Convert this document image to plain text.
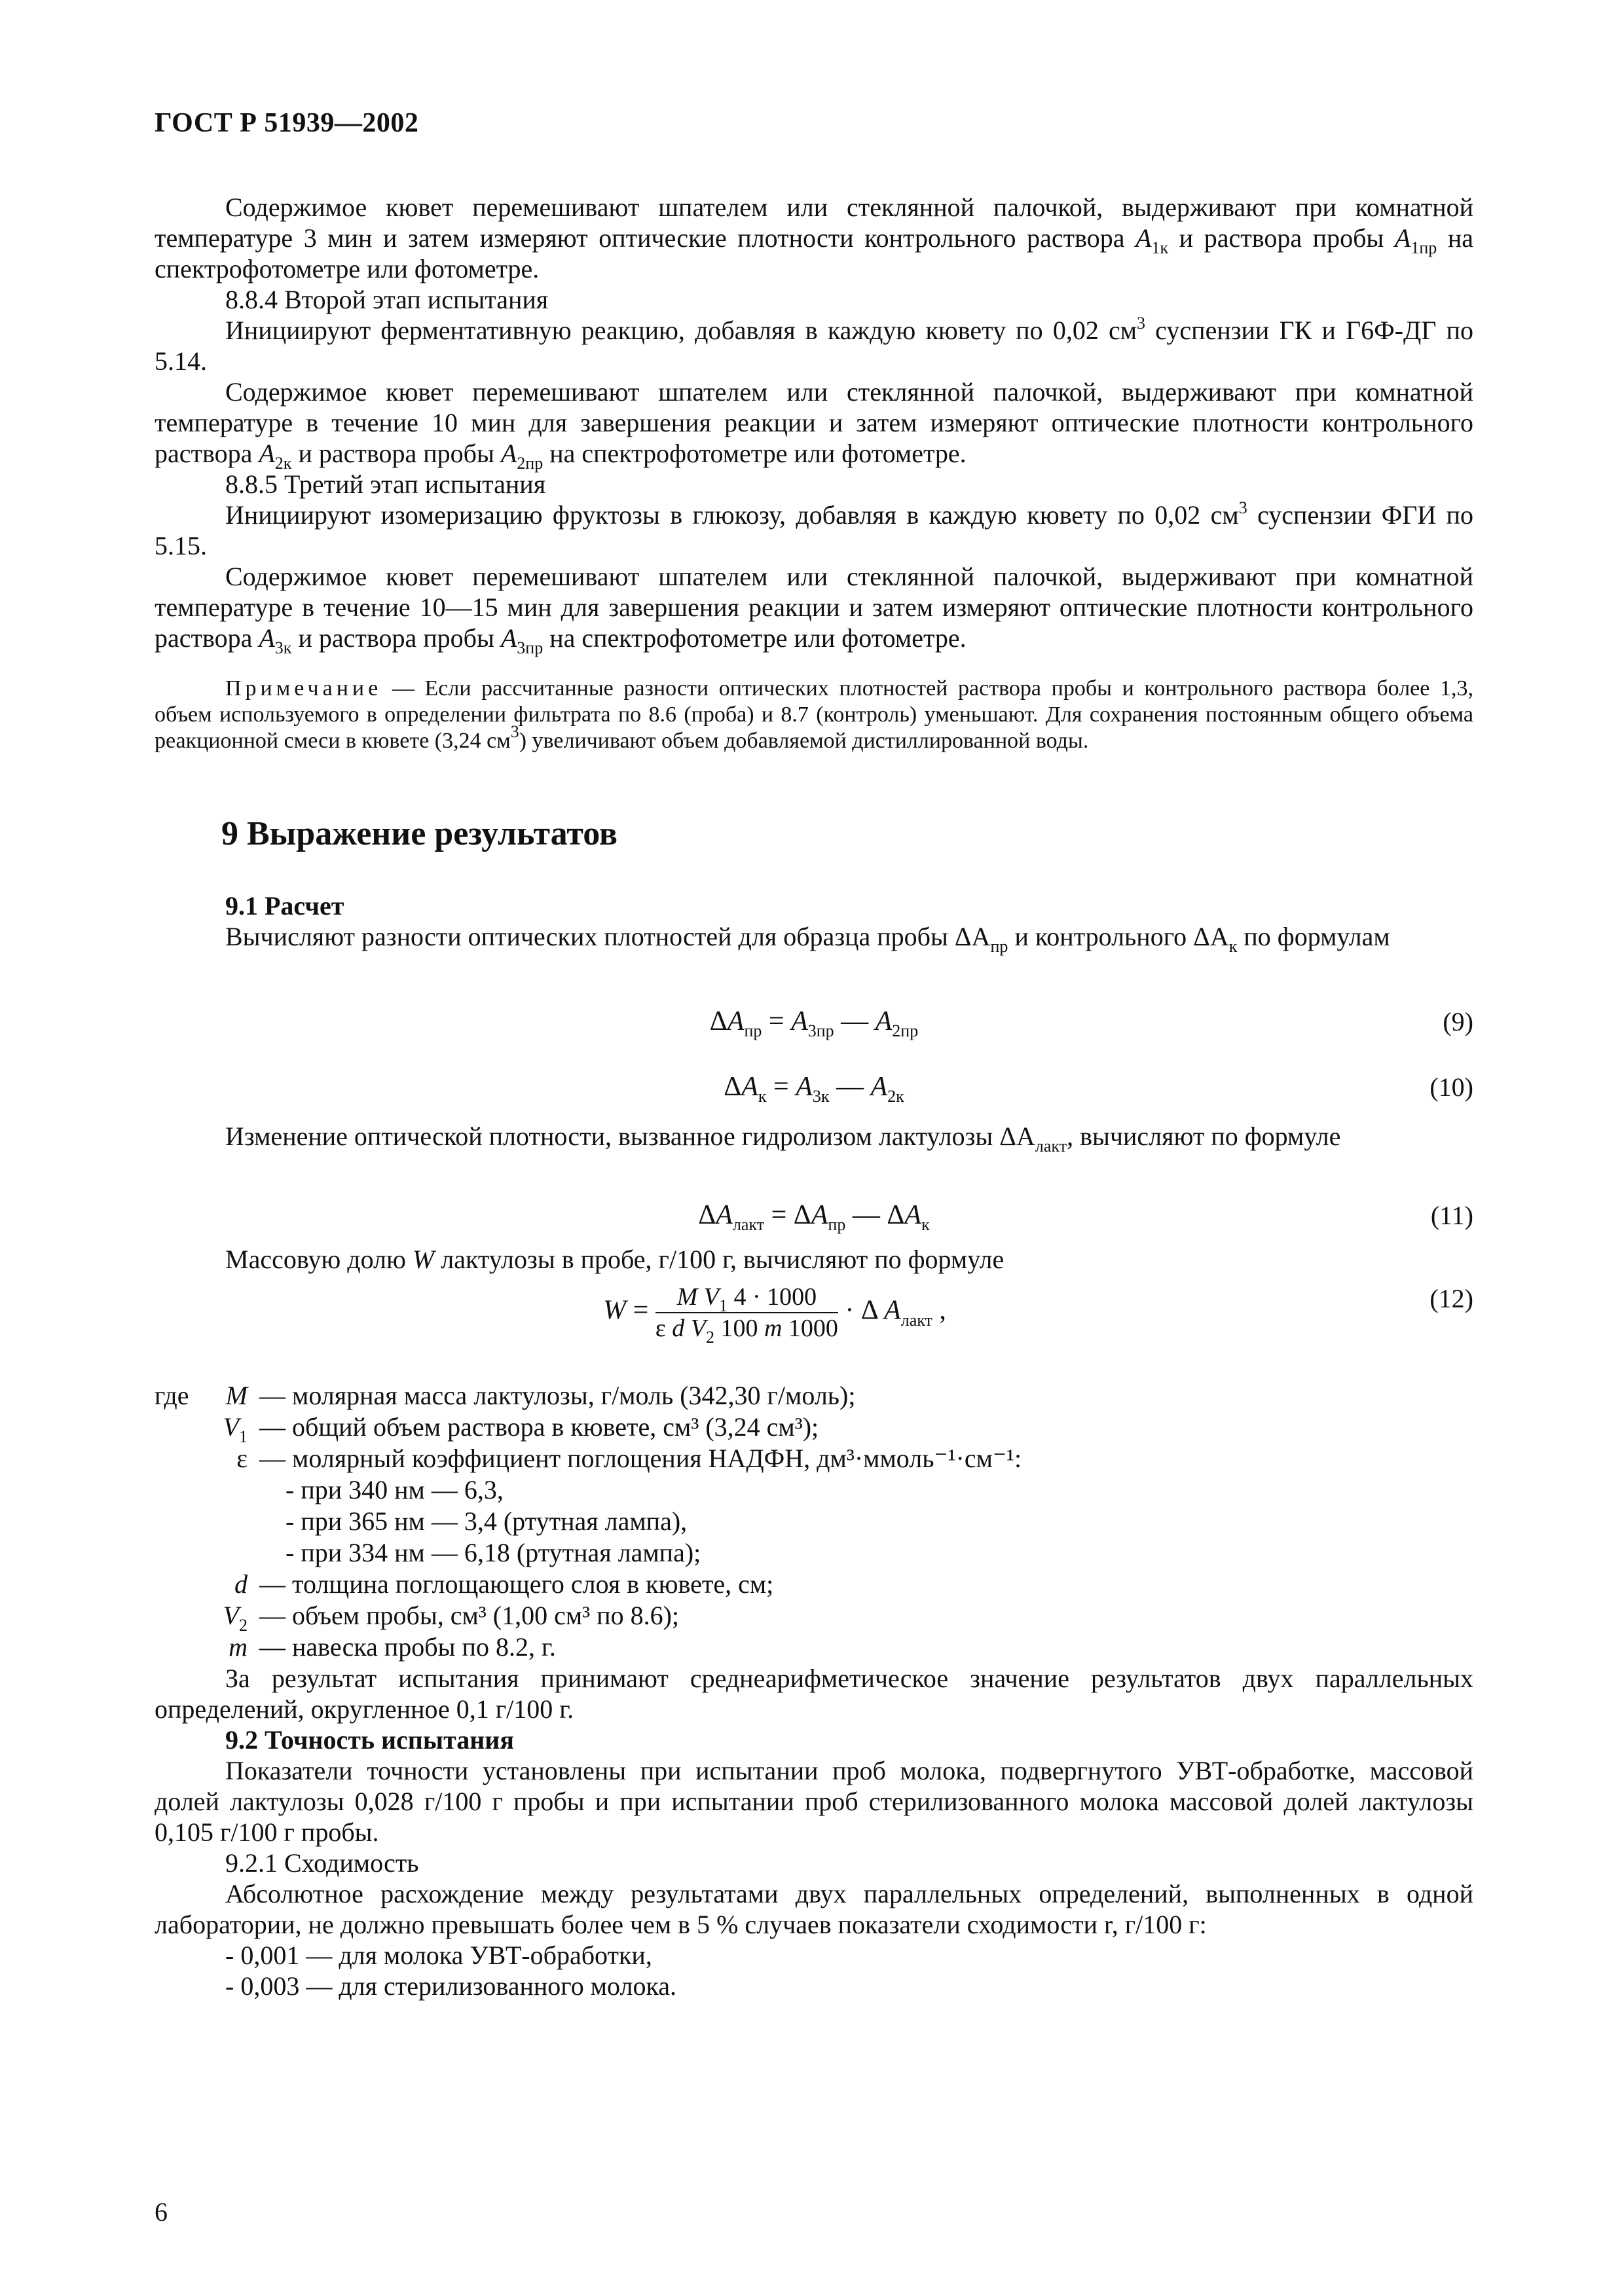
ГОСТ Р 51939—2002

Содержимое кювет перемешивают шпателем или стеклянной палочкой, выдерживают при комнатной температуре 3 мин и затем измеряют оптические плотности контрольного раствора $A_{1к}$ и раствора пробы $A_{1пр}$ на спектрофотометре или фотометре.

8.8.4 Второй этап испытания

Инициируют ферментативную реакцию, добавляя в каждую кювету по 0,02 $см^3$ суспензии ГК и Г6Ф-ДГ по 5.14.

Содержимое кювет перемешивают шпателем или стеклянной палочкой, выдерживают при комнатной температуре в течение 10 мин для завершения реакции и затем измеряют оптические плотности контрольного раствора $A_{2к}$ и раствора пробы $A_{2пр}$ на спектрофотометре или фотометре.

8.8.5 Третий этап испытания

Инициируют изомеризацию фруктозы в глюкозу, добавляя в каждую кювету по 0,02 $см^3$ суспензии ФГИ по 5.15.

Содержимое кювет перемешивают шпателем или стеклянной палочкой, выдерживают при комнатной температуре в течение 10—15 мин для завершения реакции и затем измеряют оптические плотности контрольного раствора $A_{3к}$ и раствора пробы $A_{3пр}$ на спектрофотометре или фотометре.

Примечание — Если рассчитанные разности оптических плотностей раствора пробы и контрольного раствора более 1,3, объем используемого в определении фильтрата по 8.6 (проба) и 8.7 (контроль) уменьшают. Для сохранения постоянным общего объема реакционной смеси в кювете (3,24 $см^3$) увеличивают объем добавляемой дистиллированной воды.

9 Выражение результатов

9.1 Расчет

Вычисляют разности оптических плотностей для образца пробы $\Delta A_{пр}$ и контрольного $\Delta A_к$ по формулам

$\Delta A_{пр} = A_{3пр}$ — $A_{2пр}$	(9)
$\Delta A_к = A_{3к}$ — $A_{2к}$	(10)

Изменение оптической плотности, вызванное гидролизом лактулозы $\Delta A_{лакт}$, вычисляют по формуле

$\Delta A_{лакт} = \Delta A_{пр}$ — $\Delta A_к$	(11)

Массовую долю W лактулозы в пробе, г/100 г, вычисляют по формуле

$W = \frac{M V_1 4 \cdot 1000}{\varepsilon d V_2 100 m 1000} \cdot \Delta$ $A_{лакт}$ ,	(12)
где	M — молярная масса лактулозы, г/моль (342,30 г/моль);
$V_1$ — общий объем раствора в кювете, см³ (3,24 см³);
ε — молярный коэффициент поглощения НАДФН, дм³·ммоль⁻¹·см⁻¹:
- при 340 нм — 6,3,
- при 365 нм — 3,4 (ртутная лампа),
- при 334 нм — 6,18 (ртутная лампа);
d — толщина поглощающего слоя в кювете, см;
$V_2$ — объем пробы, см³ (1,00 см³ по 8.6);
m — навеска пробы по 8.2, г.

За результат испытания принимают среднеарифметическое значение результатов двух параллельных определений, округленное 0,1 г/100 г.

9.2 Точность испытания

Показатели точности установлены при испытании проб молока, подвергнутого УВТ-обработке, массовой долей лактулозы 0,028 г/100 г пробы и при испытании проб стерилизованного молока массовой долей лактулозы 0,105 г/100 г пробы.

9.2.1 Сходимость

Абсолютное расхождение между результатами двух параллельных определений, выполненных в одной лаборатории, не должно превышать более чем в 5 % случаев показатели сходимости r, г/100 г:

- 0,001 — для молока УВТ-обработки,

- 0,003 — для стерилизованного молока.

6
